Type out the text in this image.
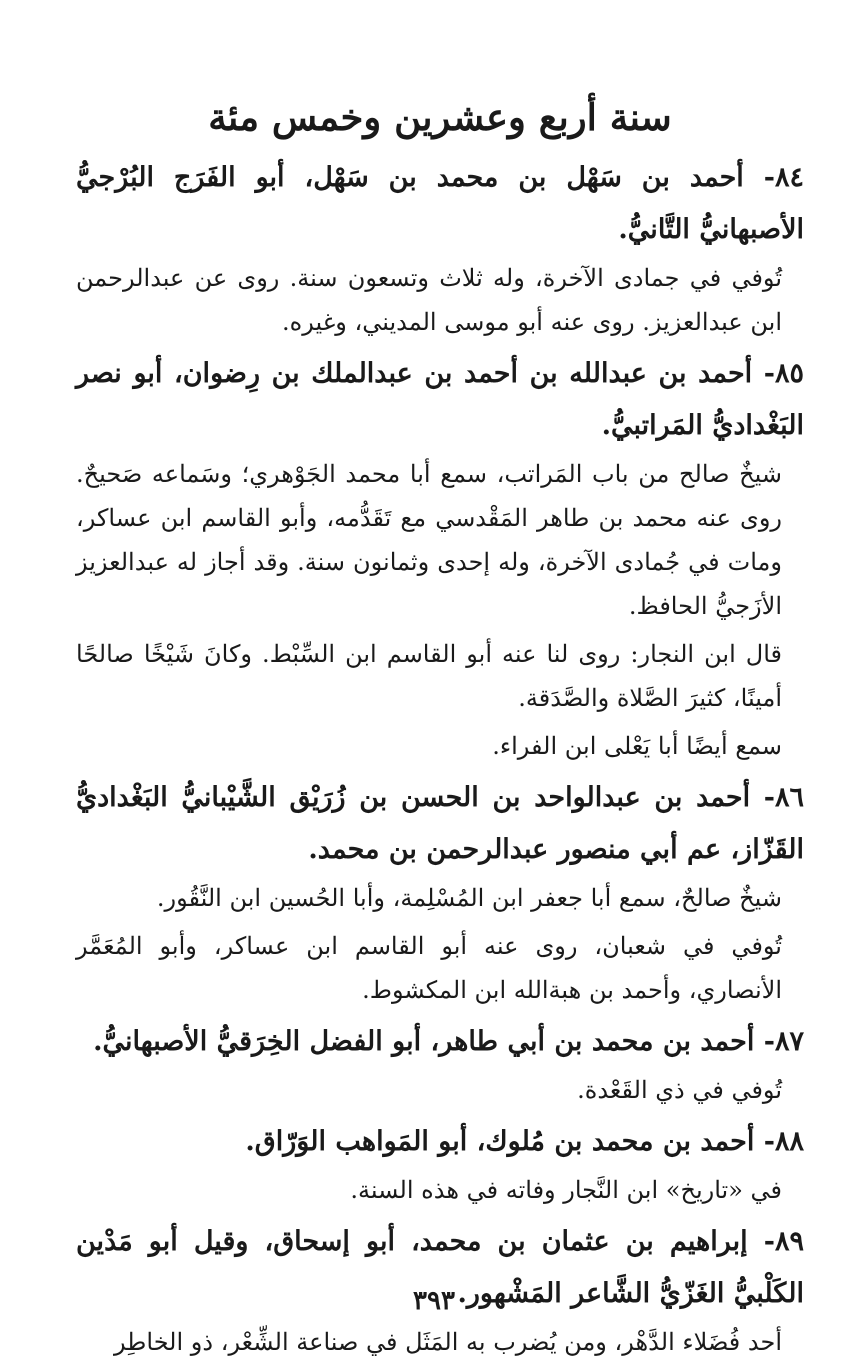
سنة أربع وعشرين وخمس مئة

٨٤- أحمد بن سَهْل بن محمد بن سَهْل، أبو الفَرَج البُرْجيُّ الأصبهانيُّ التَّانيُّ.

تُوفي في جمادى الآخرة، وله ثلاث وتسعون سنة. روى عن عبدالرحمن ابن عبدالعزيز. روى عنه أبو موسى المديني، وغيره.

٨٥- أحمد بن عبدالله بن أحمد بن عبدالملك بن رِضوان، أبو نصر البَغْداديُّ المَراتبيُّ.

شيخٌ صالح من باب المَراتب، سمع أبا محمد الجَوْهري؛ وسَماعه صَحيحٌ. روى عنه محمد بن طاهر المَقْدسي مع تَقَدُّمه، وأبو القاسم ابن عساكر، ومات في جُمادى الآخرة، وله إحدى وثمانون سنة. وقد أجاز له عبدالعزيز الأزَجيُّ الحافظ.

قال ابن النجار: روى لنا عنه أبو القاسم ابن السِّبْط. وكانَ شَيْخًا صالحًا أمينًا، كثيرَ الصَّلاة والصَّدَقة.

سمع أيضًا أبا يَعْلى ابن الفراء.

٨٦- أحمد بن عبدالواحد بن الحسن بن زُرَيْق الشَّيْبانيُّ البَغْداديُّ القَزّاز، عم أبي منصور عبدالرحمن بن محمد.

شيخٌ صالحٌ، سمع أبا جعفر ابن المُسْلِمة، وأبا الحُسين ابن النَّقُور.

تُوفي في شعبان، روى عنه أبو القاسم ابن عساكر، وأبو المُعَمَّر الأنصاري، وأحمد بن هبةالله ابن المكشوط.

٨٧- أحمد بن محمد بن أبي طاهر، أبو الفضل الخِرَقيُّ الأصبهانيُّ.

تُوفي في ذي القَعْدة.

٨٨- أحمد بن محمد بن مُلوك، أبو المَواهب الوَرّاق.

في «تاريخ» ابن النَّجار وفاته في هذه السنة.

٨٩- إبراهيم بن عثمان بن محمد، أبو إسحاق، وقيل أبو مَدْين الكَلْبيُّ الغَزّيُّ الشَّاعر المَشْهور.

أحد فُضَلاء الدَّهْر، ومن يُضرب به المَثَل في صناعة الشِّعْر، ذو الخاطِر

٣٩٣
